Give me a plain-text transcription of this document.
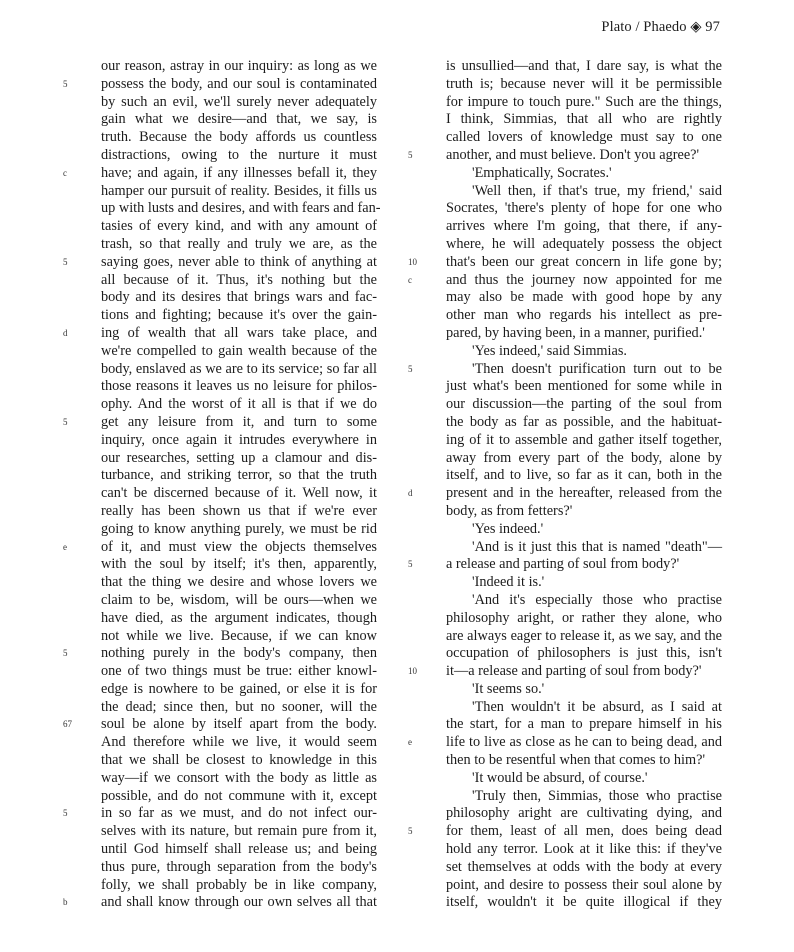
Plato / Phaedo ◈ 97
our reason, astray in our inquiry: as long as we
possess the body, and our soul is contaminated
5
by such an evil, we'll surely never adequately
gain what we desire—and that, we say, is
truth. Because the body affords us countless
distractions, owing to the nurture it must
have; and again, if any illnesses befall it, they
c
hamper our pursuit of reality. Besides, it fills us
up with lusts and desires, and with fears and fan-
tasies of every kind, and with any amount of
trash, so that really and truly we are, as the
saying goes, never able to think of anything at
5
all because of it. Thus, it's nothing but the
body and its desires that brings wars and fac-
tions and fighting; because it's over the gain-
ing of wealth that all wars take place, and
d
we're compelled to gain wealth because of the
body, enslaved as we are to its service; so far all
those reasons it leaves us no leisure for philos-
ophy. And the worst of it all is that if we do
get any leisure from it, and turn to some
5
inquiry, once again it intrudes everywhere in
our researches, setting up a clamour and dis-
turbance, and striking terror, so that the truth
can't be discerned because of it. Well now, it
really has been shown us that if we're ever
going to know anything purely, we must be rid
of it, and must view the objects themselves
e
with the soul by itself; it's then, apparently,
that the thing we desire and whose lovers we
claim to be, wisdom, will be ours—when we
have died, as the argument indicates, though
not while we live. Because, if we can know
nothing purely in the body's company, then
5
one of two things must be true: either knowl-
edge is nowhere to be gained, or else it is for
the dead; since then, but no sooner, will the
soul be alone by itself apart from the body.
67
And therefore while we live, it would seem
that we shall be closest to knowledge in this
way—if we consort with the body as little as
possible, and do not commune with it, except
in so far as we must, and do not infect our-
5
selves with its nature, but remain pure from it,
until God himself shall release us; and being
thus pure, through separation from the body's
folly, we shall probably be in like company,
and shall know through our own selves all that
b
is unsullied—and that, I dare say, is what the
truth is; because never will it be permissible
for impure to touch pure." Such are the things,
I think, Simmias, that all who are rightly
called lovers of knowledge must say to one
another, and must believe. Don't you agree?'
5
'Emphatically, Socrates.'
'Well then, if that's true, my friend,' said
Socrates, 'there's plenty of hope for one who
arrives where I'm going, that there, if any-
where, he will adequately possess the object
that's been our great concern in life gone by;
10
and thus the journey now appointed for me
c
may also be made with good hope by any
other man who regards his intellect as pre-
pared, by having been, in a manner, purified.'
'Yes indeed,' said Simmias.
'Then doesn't purification turn out to be
5
just what's been mentioned for some while in
our discussion—the parting of the soul from
the body as far as possible, and the habituat-
ing of it to assemble and gather itself together,
away from every part of the body, alone by
itself, and to live, so far as it can, both in the
present and in the hereafter, released from the
d
body, as from fetters?'
'Yes indeed.'
'And is it just this that is named "death"—
a release and parting of soul from body?'
5
'Indeed it is.'
'And it's especially those who practise
philosophy aright, or rather they alone, who
are always eager to release it, as we say, and the
occupation of philosophers is just this, isn't
it—a release and parting of soul from body?'
10
'It seems so.'
'Then wouldn't it be absurd, as I said at
the start, for a man to prepare himself in his
life to live as close as he can to being dead, and
e
then to be resentful when that comes to him?'
'It would be absurd, of course.'
'Truly then, Simmias, those who practise
philosophy aright are cultivating dying, and
for them, least of all men, does being dead
5
hold any terror. Look at it like this: if they've
set themselves at odds with the body at every
point, and desire to possess their soul alone by
itself, wouldn't it be quite illogical if they
